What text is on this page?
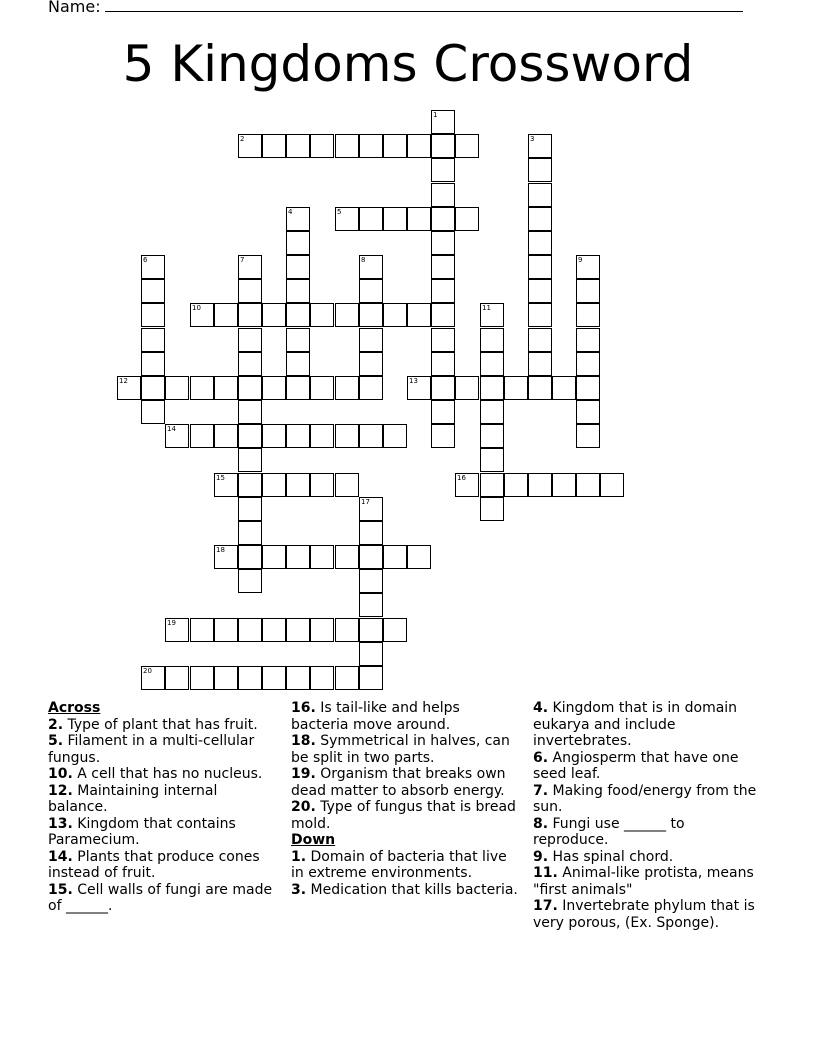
Name:
5 Kingdoms Crossword
1
2	3
4	5
6	7	8	9
10	11
12	13
14
15	16
17
18
19
20
Across
2. Type of plant that has fruit.
5. Filament in a multi-cellular fungus.
10. A cell that has no nucleus.
12. Maintaining internal balance.
13. Kingdom that contains Paramecium.
14. Plants that produce cones instead of fruit.
15. Cell walls of fungi are made of ______.
16. Is tail-like and helps bacteria move around.
18. Symmetrical in halves, can be split in two parts.
19. Organism that breaks own dead matter to absorb energy.
20. Type of fungus that is bread mold.
Down
1. Domain of bacteria that live in extreme environments.
3. Medication that kills bacteria.
4. Kingdom that is in domain eukarya and include invertebrates.
6. Angiosperm that have one seed leaf.
7. Making food/energy from the sun.
8. Fungi use ______ to reproduce.
9. Has spinal chord.
11. Animal-like protista, means "first animals"
17. Invertebrate phylum that is very porous, (Ex. Sponge).
